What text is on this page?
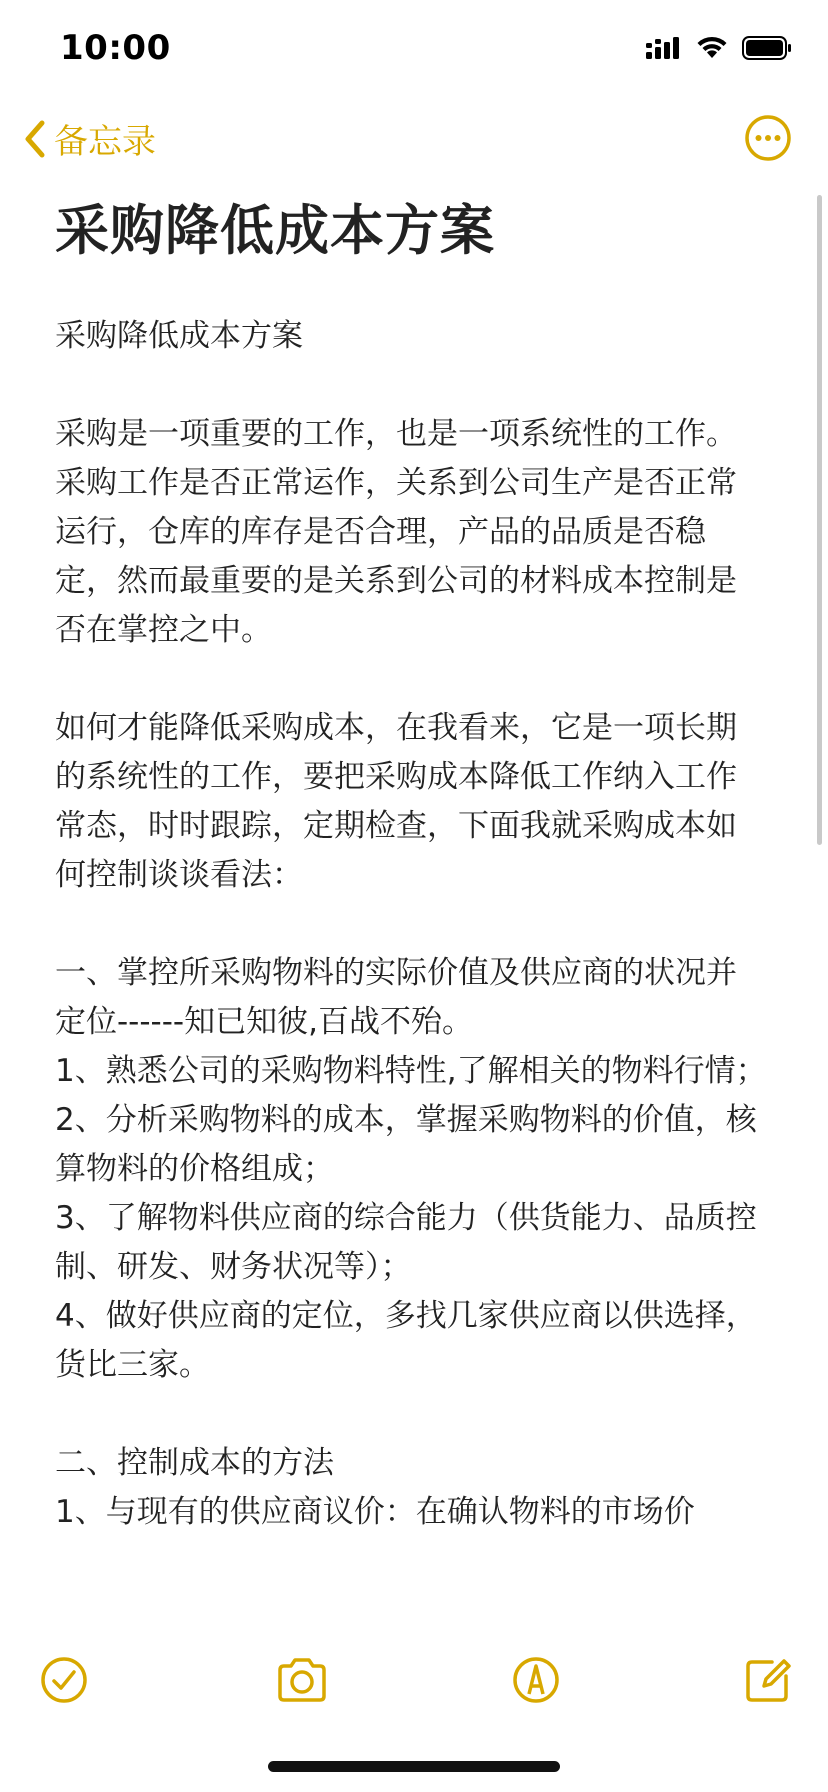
10:00
备忘录
采购降低成本方案

采购降低成本方案

采购是一项重要的工作，也是一项系统性的工作。

采购工作是否正常运作，关系到公司生产是否正常运行，仓库的库存是否合理，产品的品质是否稳定，然而最重要的是关系到公司的材料成本控制是否在掌控之中。

如何才能降低采购成本，在我看来，它是一项长期的系统性的工作，要把采购成本降低工作纳入工作常态，时时跟踪，定期检查，下面我就采购成本如何控制谈谈看法：

一、掌控所采购物料的实际价值及供应商的状况并定位------知已知彼,百战不殆。

1、熟悉公司的采购物料特性,了解相关的物料行情；

2、分析采购物料的成本，掌握采购物料的价值，核算物料的价格组成；

3、了解物料供应商的综合能力（供货能力、品质控制、研发、财务状况等）；

4、做好供应商的定位，多找几家供应商以供选择，货比三家。

二、控制成本的方法

1、与现有的供应商议价：在确认物料的市场价
